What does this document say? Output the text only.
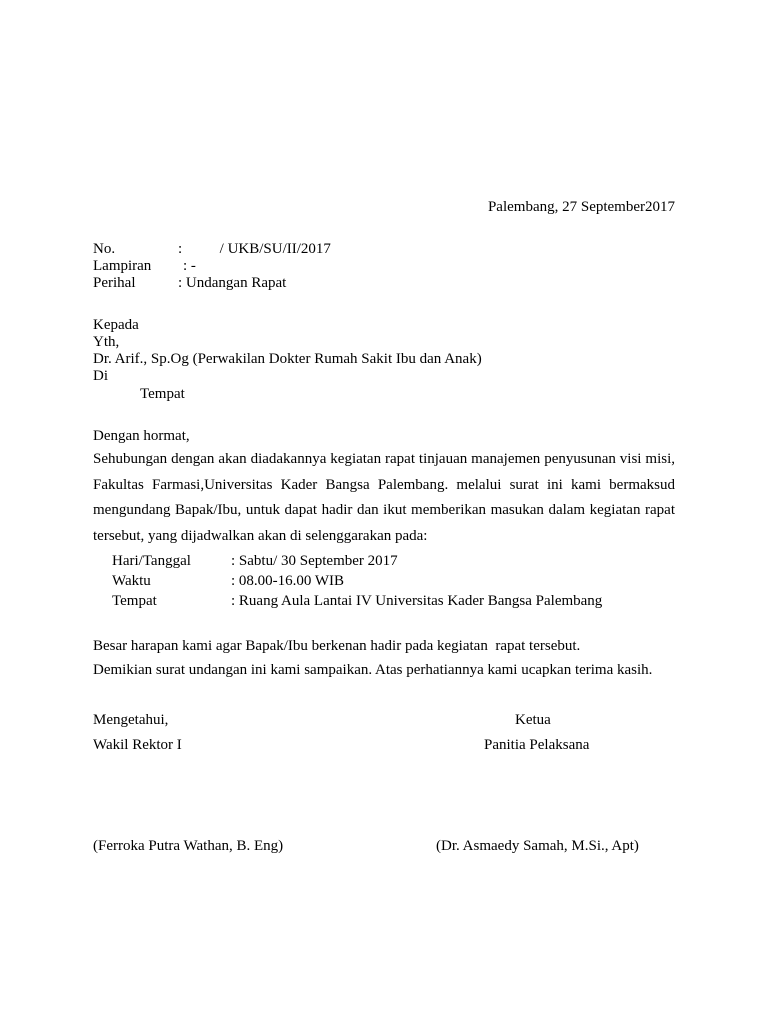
Palembang, 27 September2017
No.	:          / UKB/SU/II/2017
Lampiran : -
Perihal	: Undangan Rapat
Kepada
Yth,
Dr. Arif., Sp.Og (Perwakilan Dokter Rumah Sakit Ibu dan Anak)
Di
Tempat
Dengan hormat,
Sehubungan dengan akan diadakannya kegiatan rapat tinjauan manajemen penyusunan visi misi, Fakultas Farmasi,Universitas Kader Bangsa Palembang. melalui surat ini kami bermaksud mengundang Bapak/Ibu, untuk dapat hadir dan ikut memberikan masukan dalam kegiatan rapat tersebut, yang dijadwalkan akan di selenggarakan pada:
Hari/Tanggal	: Sabtu/ 30 September 2017
Waktu	: 08.00-16.00 WIB
Tempat	: Ruang Aula Lantai IV Universitas Kader Bangsa Palembang
Besar harapan kami agar Bapak/Ibu berkenan hadir pada kegiatan  rapat tersebut.
Demikian surat undangan ini kami sampaikan. Atas perhatiannya kami ucapkan terima kasih.
Mengetahui,
Wakil Rektor I
Ketua
Panitia Pelaksana
(Ferroka Putra Wathan, B. Eng)	(Dr. Asmaedy Samah, M.Si., Apt)
